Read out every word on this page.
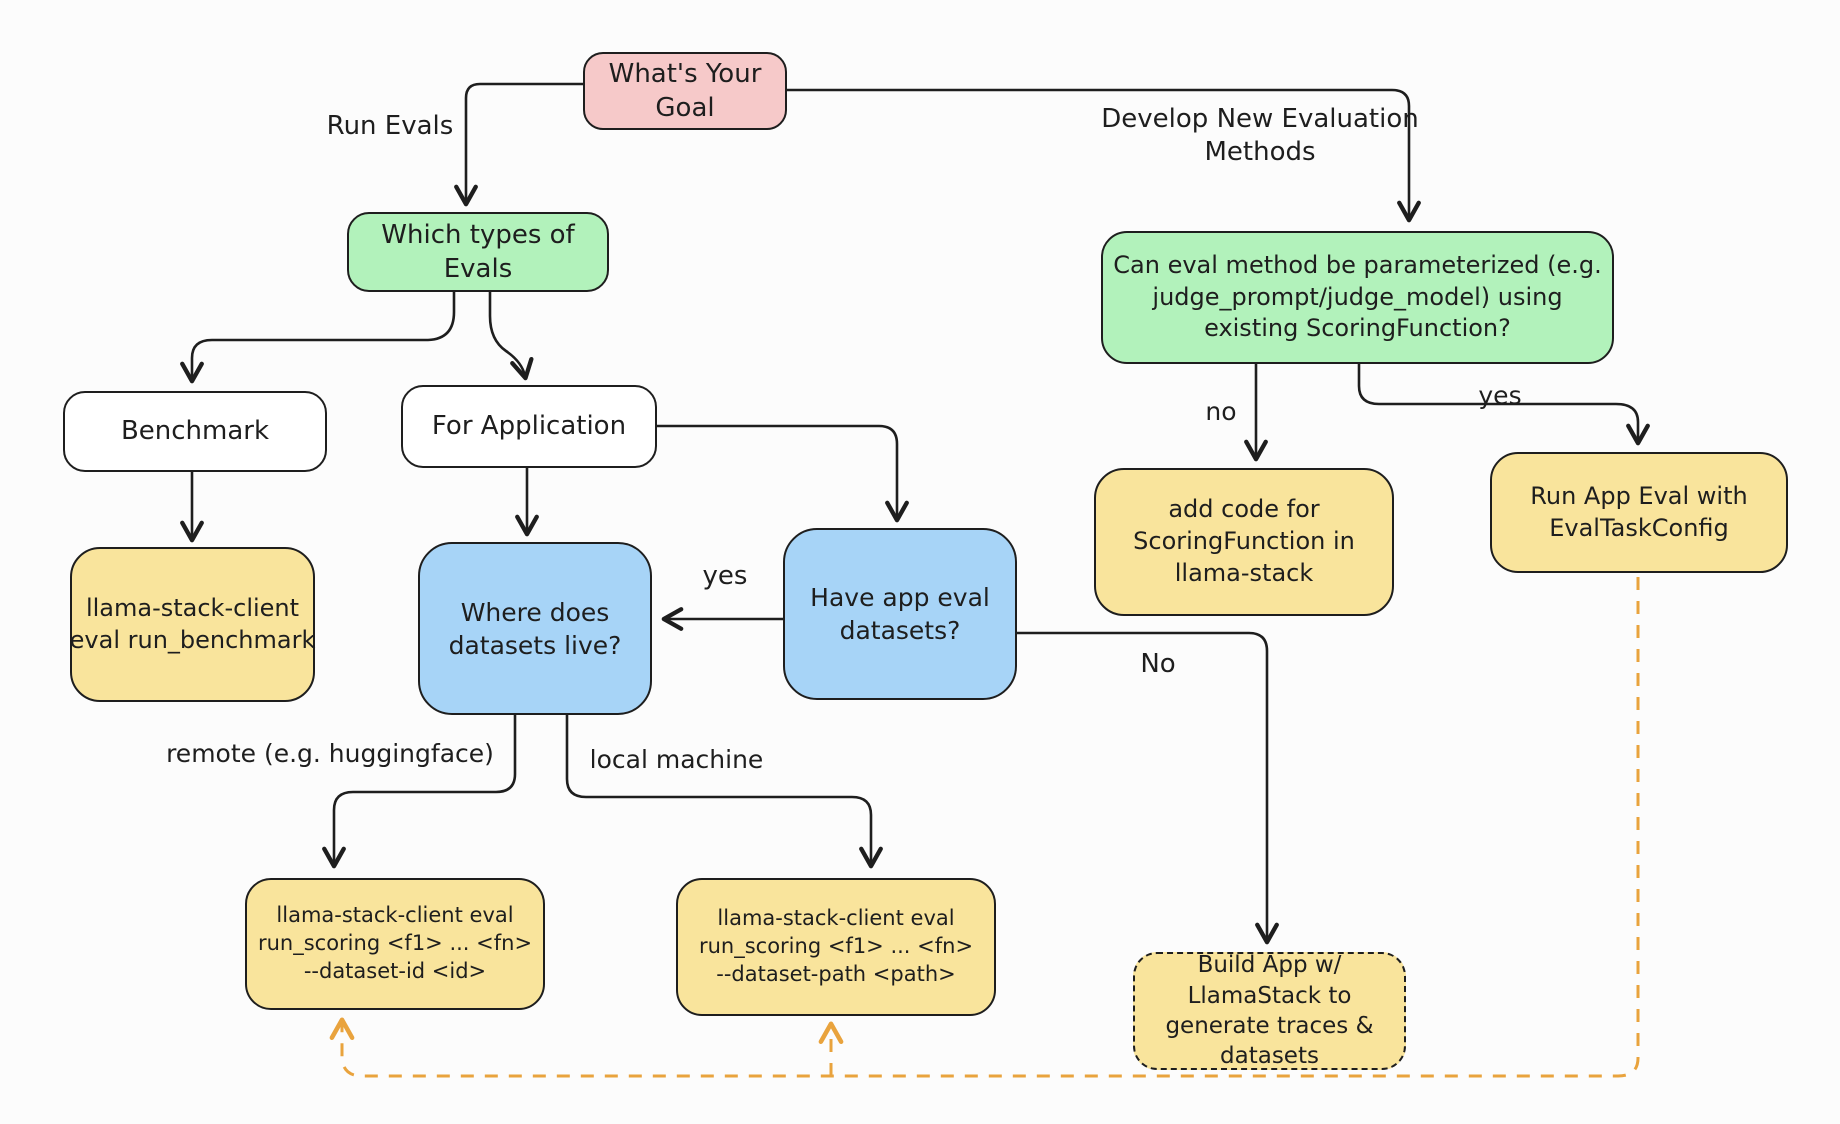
What's Your
Goal
Which types of
Evals
Benchmark	For Application
llama-stack-client
eval run_benchmark
Where does
datasets live?
Have app eval
datasets?
Can eval method be parameterized (e.g.
judge_prompt/judge_model) using
existing ScoringFunction?
add code for
ScoringFunction in
llama-stack
Run App Eval with
EvalTaskConfig
llama-stack-client eval
run_scoring <f1> ... <fn>
--dataset-id <id>
llama-stack-client eval
run_scoring <f1> ... <fn>
--dataset-path <path>	Build App w/
LlamaStack to
generate traces &
datasets
Run Evals	Develop New Evaluation
Methods
yes
No
remote (e.g. huggingface)	local machine
no
yes
